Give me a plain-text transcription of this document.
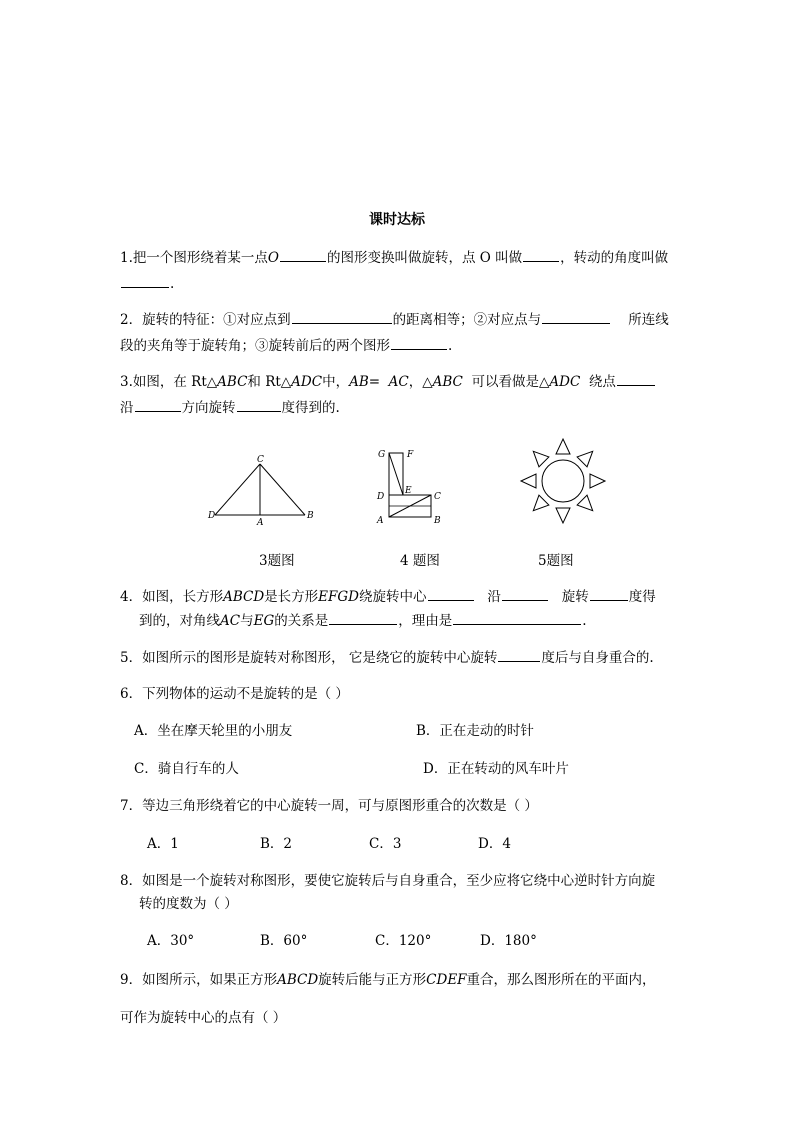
课时达标
1.把一个图形绕着某一点O	的图形变换叫做旋转，点 O 叫做	，转动的角度叫做
.
2．旋转的特征：①对应点到	的距离相等；②对应点与	所连线
段的夹角等于旋转角；③旋转前后的两个图形	.
3.如图，在 Rt△ABC和 Rt△ADC中，AB= AC，△ABC 可以看做是△ADC 绕点
沿	方向旋转	度得到的.
C
D
A
B
G F
E
D	C
A	B
3题图	4 题图	5题图
4．如图，长方形ABCD是长方形EFGD绕旋转中心	沿	旋转	度得
到的，对角线AC与EG的关系是	，理由是	.
5．如图所示的图形是旋转对称图形， 它是绕它的旋转中心旋转	度后与自身重合的.
6．下列物体的运动不是旋转的是（ ）
A．坐在摩天轮里的小朋友	B．正在走动的时针
C．骑自行车的人	D．正在转动的风车叶片
7．等边三角形绕着它的中心旋转一周，可与原图形重合的次数是（ ）
A．1	B．2	C．3	D．4
8．如图是一个旋转对称图形，要使它旋转后与自身重合，至少应将它绕中心逆时针方向旋
转的度数为（ ）
A．30°	B．60°	C．120°	D．180°
9．如图所示，如果正方形ABCD旋转后能与正方形CDEF重合，那么图形所在的平面内，
可作为旋转中心的点有（ ）
